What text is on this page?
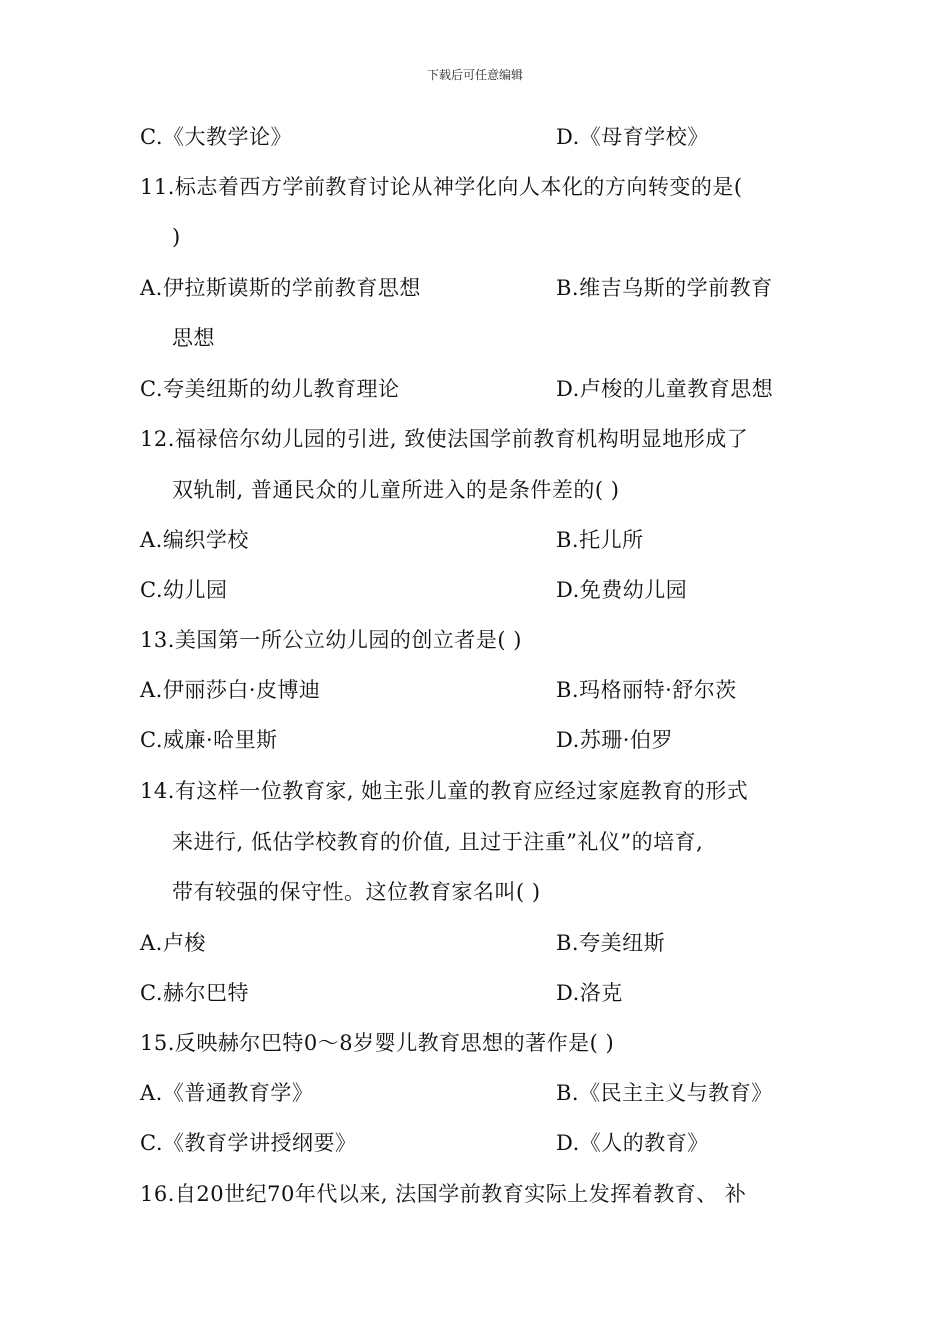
下载后可任意编辑
C.《大教学论》	D.《母育学校》
11.标志着西方学前教育讨论从神学化向人本化的方向转变的是(
)
A.伊拉斯谟斯的学前教育思想	B.维吉乌斯的学前教育
思想
C.夸美纽斯的幼儿教育理论	D.卢梭的儿童教育思想
12.福禄倍尔幼儿园的引进, 致使法国学前教育机构明显地形成了
双轨制, 普通民众的儿童所进入的是条件差的( )
A.编织学校	B.托儿所
C.幼儿园	D.免费幼儿园
13.美国第一所公立幼儿园的创立者是( )
A.伊丽莎白·皮博迪	B.玛格丽特·舒尔茨
C.威廉·哈里斯	D.苏珊·伯罗
14.有这样一位教育家, 她主张儿童的教育应经过家庭教育的形式
来进行, 低估学校教育的价值, 且过于注重”礼仪”的培育,
带有较强的保守性。这位教育家名叫( )
A.卢梭	B.夸美纽斯
C.赫尔巴特	D.洛克
15.反映赫尔巴特0～8岁婴儿教育思想的著作是( )
A.《普通教育学》	B.《民主主义与教育》
C.《教育学讲授纲要》	D.《人的教育》
16.自20世纪70年代以来, 法国学前教育实际上发挥着教育、 补
